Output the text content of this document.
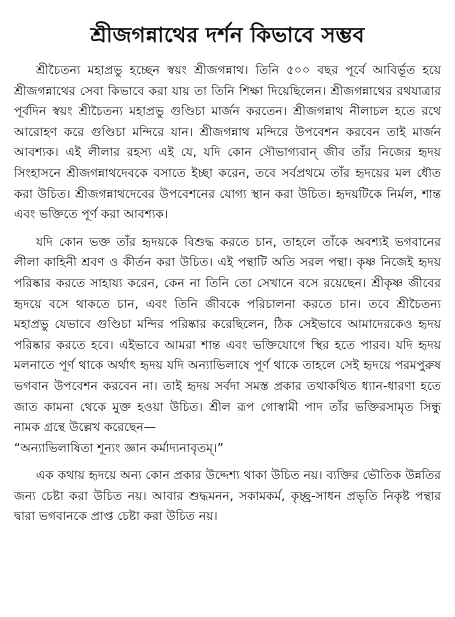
শ্রীজগন্নাথের দর্শন কিভাবে সম্ভব

শ্রীচৈতন্য মহাপ্রভু হচ্ছেন স্বয়ং শ্রীজগন্নাথ। তিনি ৫০০ বছর পূর্বে আবির্ভূত হয়ে শ্রীজগন্নাথের সেবা কিভাবে করা যায় তা তিনি শিক্ষা দিয়েছিলেন। শ্রীজগন্নাথের রথযাত্রার পূর্বদিন স্বয়ং শ্রীচৈতন্য মহাপ্রভু গুণ্ডিচা মার্জন করতেন। শ্রীজগন্নাথ নীলাচল হতে রথে আরোহণ করে গুণ্ডিচা মন্দিরে যান। শ্রীজগন্নাথ মন্দিরে উপবেশন করবেন তাই মার্জন আবশ্যক। এই লীলার রহস্য এই যে, যদি কোন সৌভাগ্যবান্ জীব তাঁর নিজের হৃদয় সিংহাসনে শ্রীজগন্নাথদেবকে বসাতে ইচ্ছা করেন, তবে সর্বপ্রথমে তাঁর হৃদয়ের মল ধৌত করা উচিত। শ্রীজগন্নাথদেবের উপবেশনের যোগ্য স্থান করা উচিত। হৃদয়টিকে নির্মল, শান্ত এবং ভক্তিতে পূর্ণ করা আবশ্যক।

যদি কোন ভক্ত তাঁর হৃদয়কে বিশুদ্ধ করতে চান, তাহলে তাঁকে অবশ্যই ভগবানের লীলা কাহিনী শ্রবণ ও কীর্তন করা উচিত। এই পন্থাটি অতি সরল পন্থা। কৃষ্ণ নিজেই হৃদয় পরিষ্কার করতে সাহায্য করেন, কেন না তিনি তো সেখানে বসে রয়েছেন। শ্রীকৃষ্ণ জীবের হৃদয়ে বসে থাকতে চান, এবং তিনি জীবকে পরিচালনা করতে চান। তবে শ্রীচৈতন্য মহাপ্রভু যেভাবে গুণ্ডিচা মন্দির পরিষ্কার করেছিলেন, ঠিক সেইভাবে আমাদেরকেও হৃদয় পরিষ্কার করতে হবে। এইভাবে আমরা শান্ত এবং ভক্তিযোগে স্থির হতে পারব। যদি হৃদয় মলনাতে পূর্ণ থাকে অর্থাৎ হৃদয় যদি অন্যাভিলাষে পূর্ণ থাকে তাহলে সেই হৃদয়ে পরমপুরুষ ভগবান উপবেশন করবেন না। তাই হৃদয় সর্বদা সমস্ত প্রকার তথাকথিত ধ্যান-ধারণা হতে জাত কামনা থেকে মুক্ত হওয়া উচিত। শ্রীল রূপ গোস্বামী পাদ তাঁর ভক্তিরসামৃত সিন্ধু নামক গ্রন্থে উল্লেখ করেছেন—
“অন্যাভিলাষিতা শূন্যং জ্ঞান কর্মাদ্যনাবৃতম্।”

এক কথায় হৃদয়ে অন্য কোন প্রকার উদ্দেশ্য থাকা উচিত নয়। ব্যক্তির ভৌতিক উন্নতির জন্য চেষ্টা করা উচিত নয়। আবার শুদ্ধমনন, সকামকর্ম, কৃচ্ছ্র-সাধন প্রভৃতি নিকৃষ্ট পন্থার দ্বারা ভগবানকে প্রাপ্ত চেষ্টা করা উচিত নয়।
